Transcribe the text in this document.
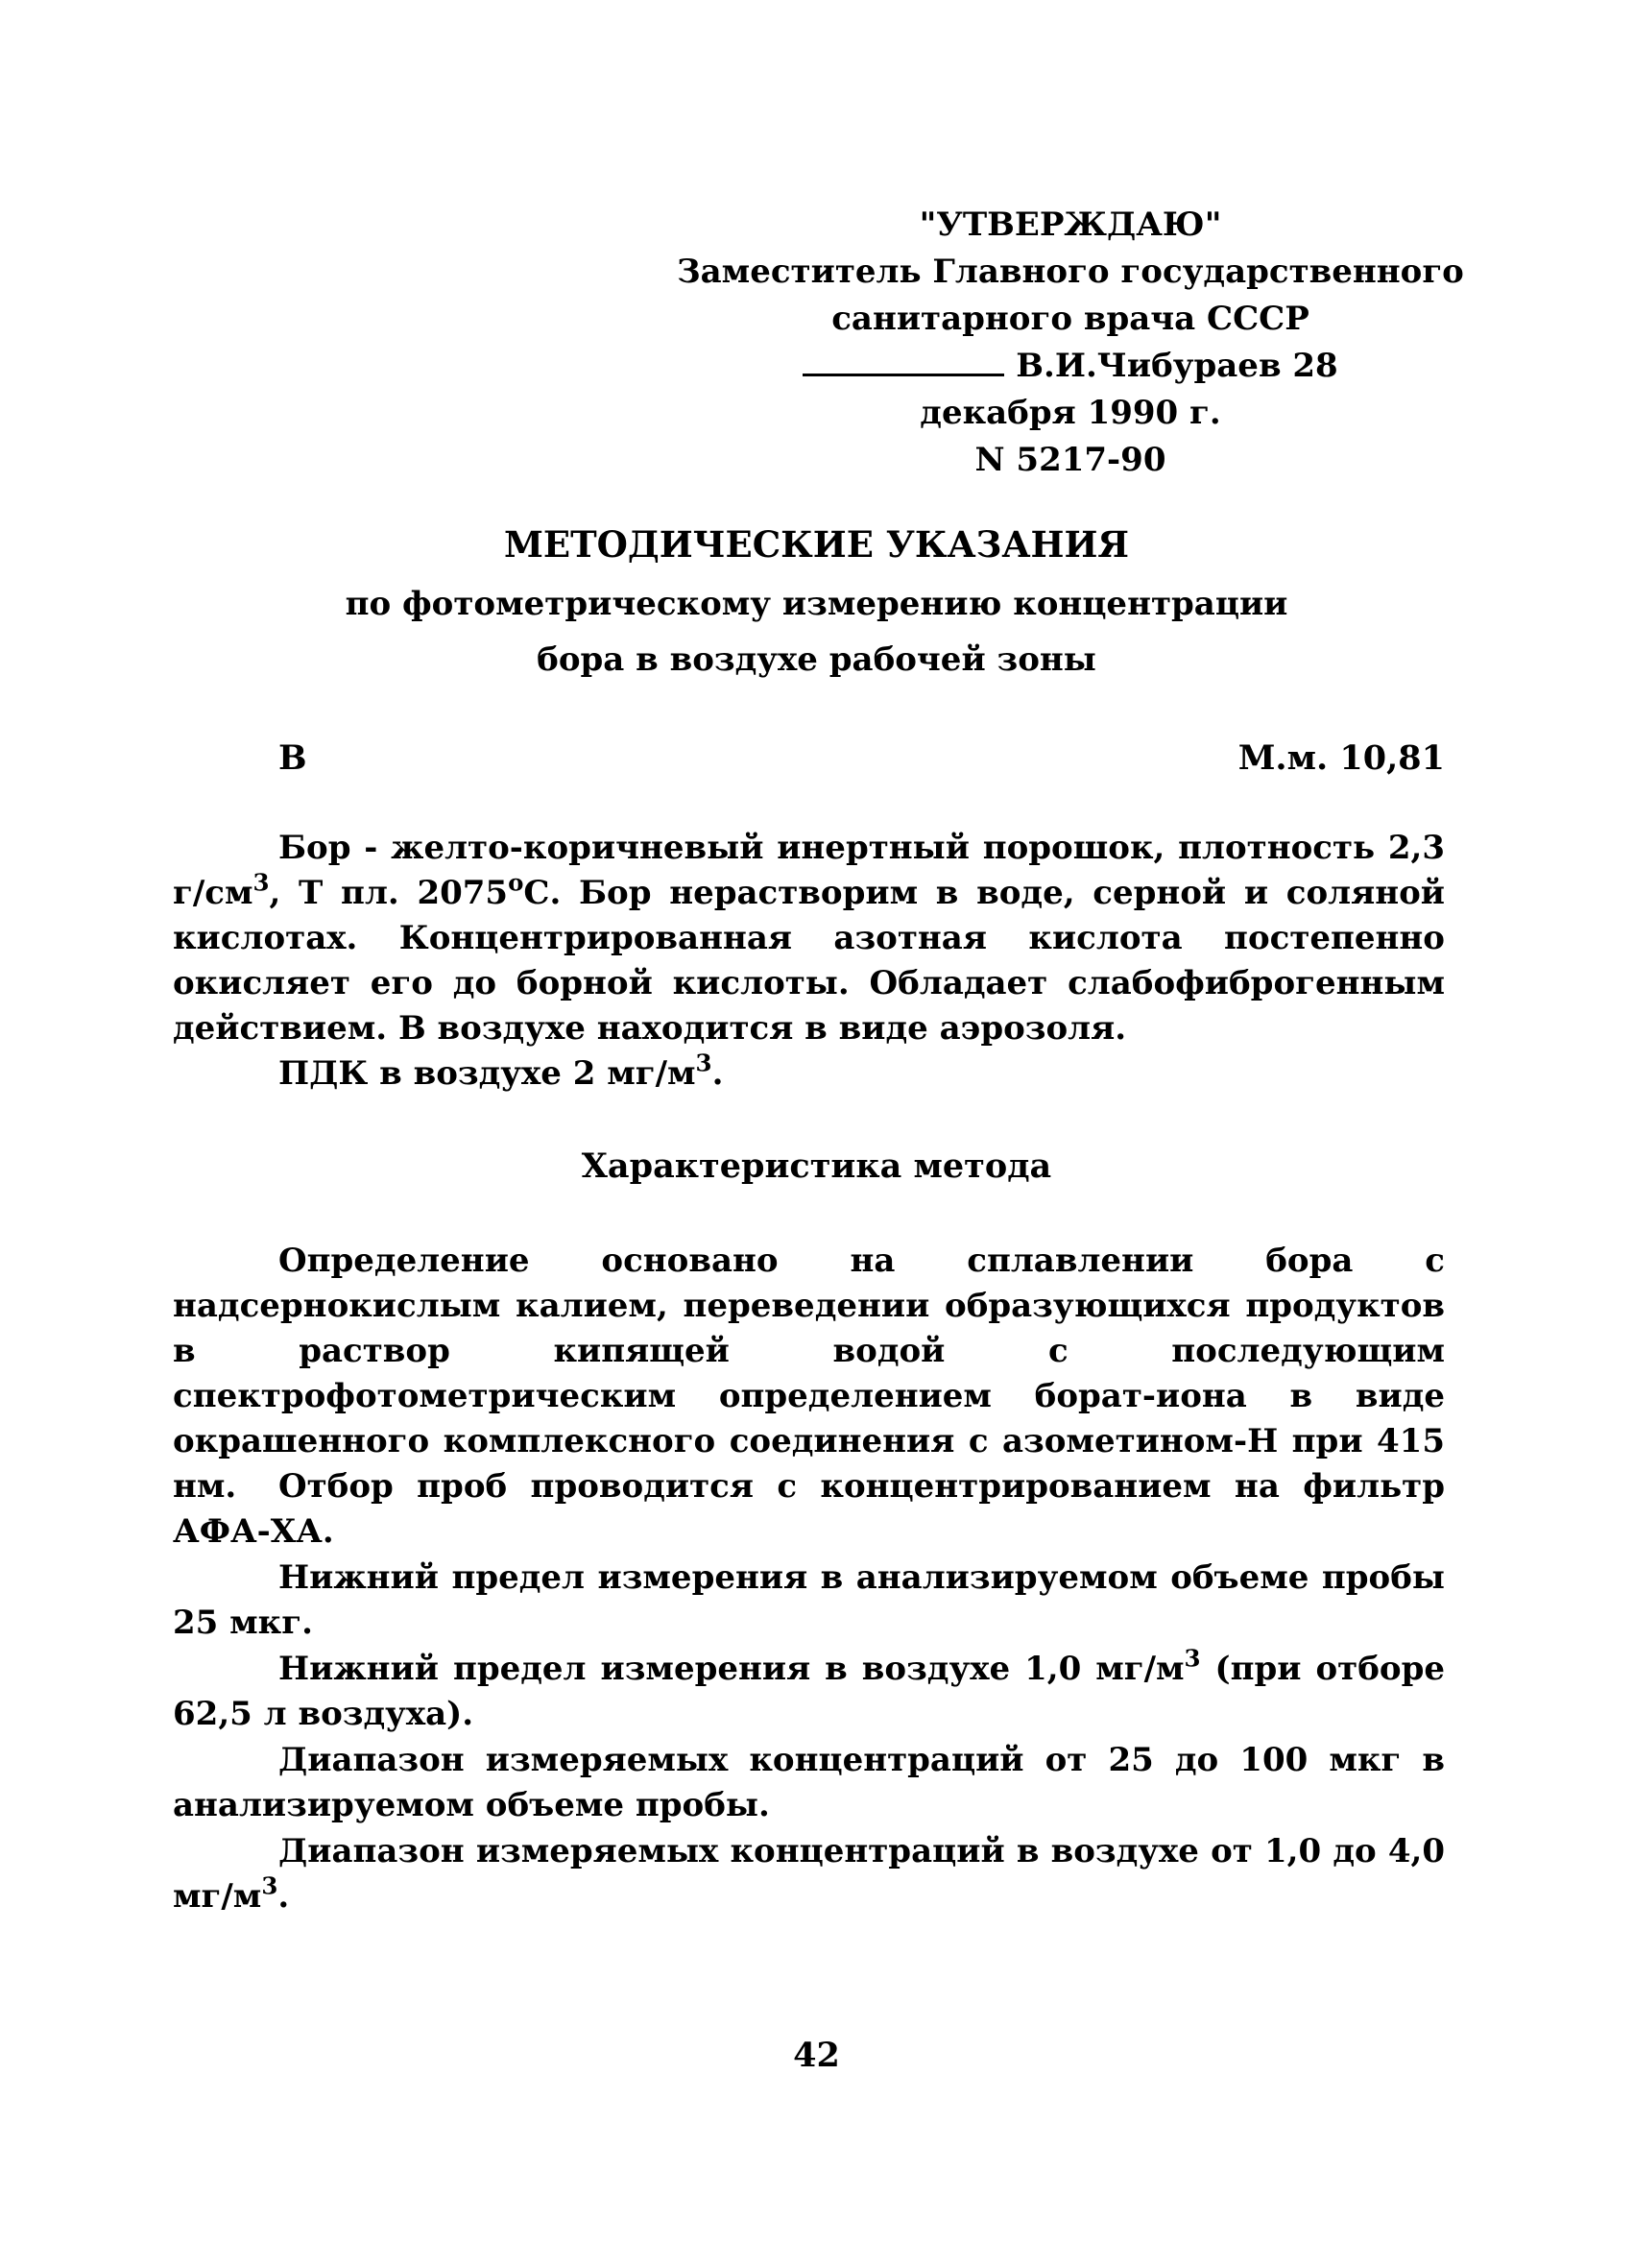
"УТВЕРЖДАЮ"
Заместитель Главного государственного
санитарного врача СССР
В.И.Чибураев 28
декабря 1990 г.
N 5217-90
МЕТОДИЧЕСКИЕ УКАЗАНИЯ
по фотометрическому измерению концентрации
бора в воздухе рабочей зоны
B	М.м. 10,81
Бор - желто-коричневый инертный порошок, плотность 2,3 $г/см^3$, Т пл. 2075$^o$С. Бор нерастворим в воде, серной и соляной кислотах. Концентрированная азотная кислота постепенно окисляет его до борной кислоты. Обладает слабофиброгенным действием. В воздухе находится в виде аэрозоля.
ПДК в воздухе 2 $мг/м^3$.
Характеристика метода
Определение основано на сплавлении бора с надсернокислым калием, переведении образующихся продуктов в раствор кипящей водой с последующим спектрофотометрическим определением борат-иона в виде окрашенного комплексного соединения с азометином-Н при 415 нм.	Отбор проб проводится с концентрированием на фильтр АФА-ХА.
Нижний предел измерения в анализируемом объеме пробы 25 мкг.
Нижний предел измерения в воздухе 1,0 $мг/м^3$ (при отборе 62,5 л воздуха).
Диапазон измеряемых концентраций от 25 до 100 мкг в анализируемом объеме пробы.
Диапазон измеряемых концентраций в воздухе от 1,0 до 4,0 $мг/м^3$.
42
